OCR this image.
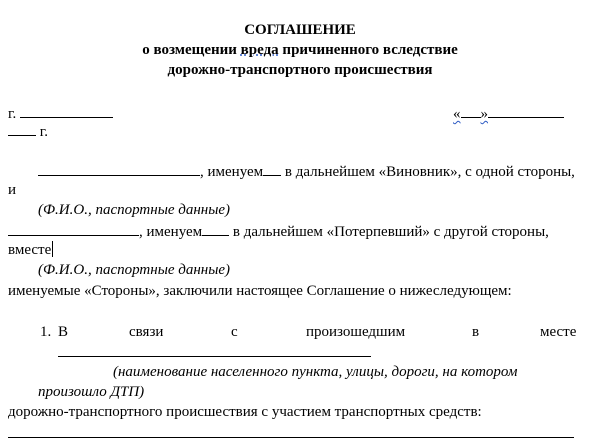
СОГЛАШЕНИЕ
о возмещении вреда причиненного вследствие
дорожно-транспортного происшествия
г.	« »
г.
, именуем в дальнейшем «Виновник», с одной стороны,
и
(Ф.И.О., паспортные данные)
, именуем в дальнейшем «Потерпевший» с другой стороны,
вместе
(Ф.И.О., паспортные данные)
именуемые «Стороны», заключили настоящее Соглашение о нижеследующем:
1. В	связи	с	произошедшим	в	месте
(наименование населенного пункта, улицы, дороги, на котором
произошло ДТП)
дорожно-транспортного происшествия с участием транспортных средств:
